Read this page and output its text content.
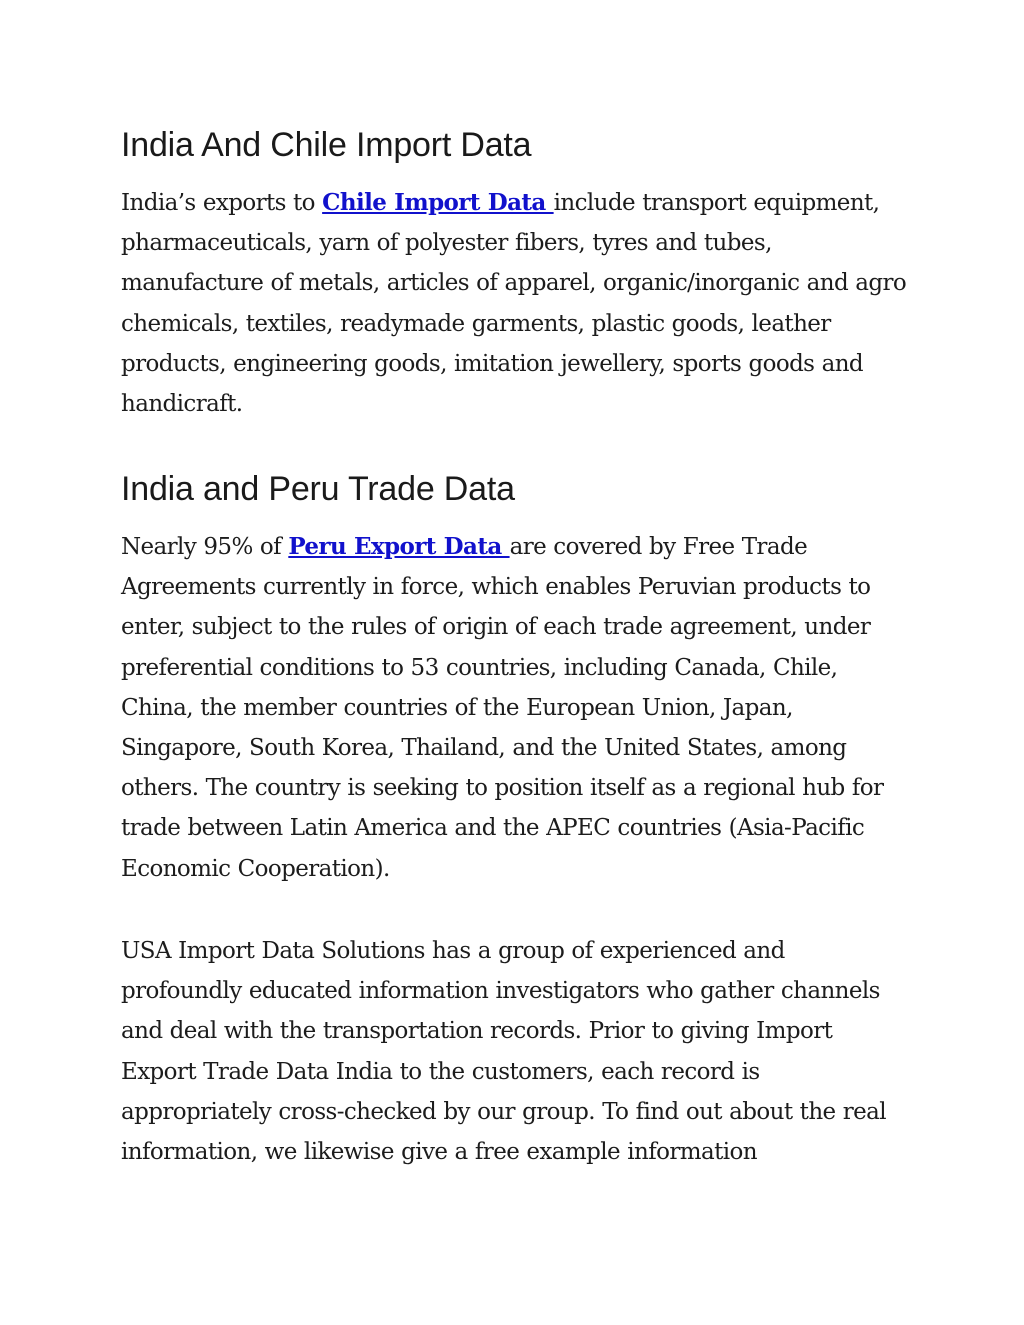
India And Chile Import Data

India’s exports to Chile Import Data include transport equipment, pharmaceuticals, yarn of polyester fibers, tyres and tubes, manufacture of metals, articles of apparel, organic/inorganic and agro chemicals, textiles, readymade garments, plastic goods, leather products, engineering goods, imitation jewellery, sports goods and handicraft.

India and Peru Trade Data

Nearly 95% of Peru Export Data are covered by Free Trade Agreements currently in force, which enables Peruvian products to enter, subject to the rules of origin of each trade agreement, under preferential conditions to 53 countries, including Canada, Chile, China, the member countries of the European Union, Japan, Singapore, South Korea, Thailand, and the United States, among others. The country is seeking to position itself as a regional hub for trade between Latin America and the APEC countries (Asia-Pacific Economic Cooperation).

USA Import Data Solutions has a group of experienced and profoundly educated information investigators who gather channels and deal with the transportation records. Prior to giving Import Export Trade Data India to the customers, each record is appropriately cross-checked by our group. To find out about the real information, we likewise give a free example information
